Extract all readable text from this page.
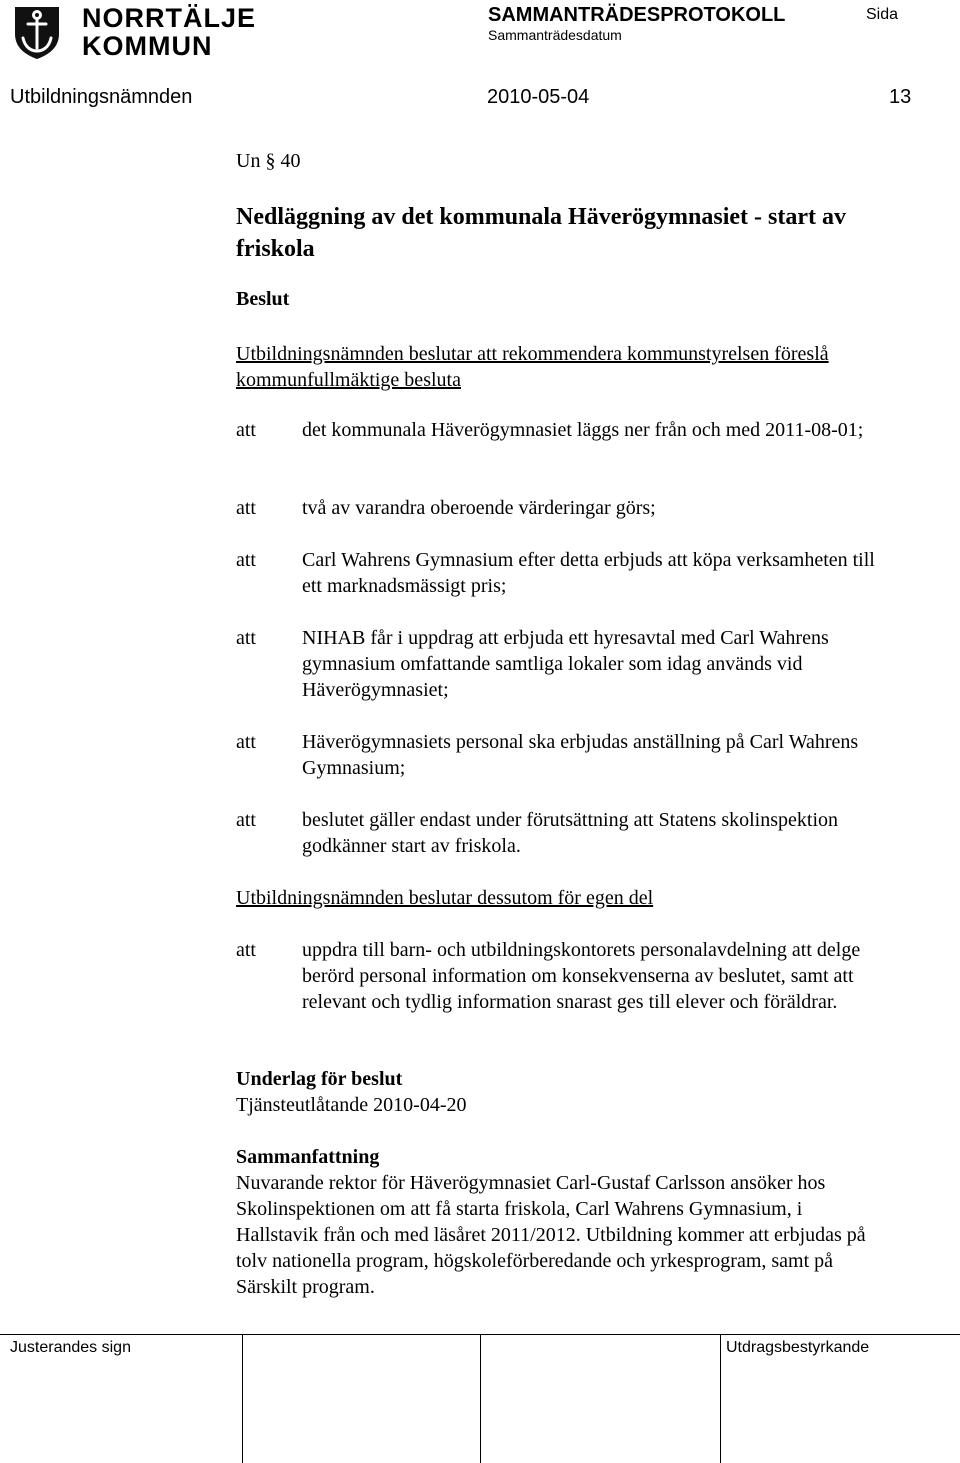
NORRTÄLJE
KOMMUN
SAMMANTRÄDESPROTOKOLL
Sammanträdesdatum
Sida
Utbildningsnämnden	2010-05-04	13
Un § 40
Nedläggning av det kommunala Häverögymnasiet - start av friskola
Beslut
Utbildningsnämnden beslutar att rekommendera kommunstyrelsen föreslå kommunfullmäktige besluta
att det kommunala Häverögymnasiet läggs ner från och med 2011-08-01;
att två av varandra oberoende värderingar görs;
att Carl Wahrens Gymnasium efter detta erbjuds att köpa verksamheten till ett marknadsmässigt pris;
att NIHAB får i uppdrag att erbjuda ett hyresavtal med Carl Wahrens gymnasium omfattande samtliga lokaler som idag används vid Häverögymnasiet;
att Häverögymnasiets personal ska erbjudas anställning på Carl Wahrens Gymnasium;
att beslutet gäller endast under förutsättning att Statens skolinspektion godkänner start av friskola.
Utbildningsnämnden beslutar dessutom för egen del
att uppdra till barn- och utbildningskontorets personalavdelning att delge berörd personal information om konsekvenserna av beslutet, samt att relevant och tydlig information snarast ges till elever och föräldrar.
Underlag för beslut
Tjänsteutlåtande 2010-04-20
Sammanfattning
Nuvarande rektor för Häverögymnasiet Carl-Gustaf Carlsson ansöker hos Skolinspektionen om att få starta friskola, Carl Wahrens Gymnasium, i Hallstavik från och med läsåret 2011/2012. Utbildning kommer att erbjudas på tolv nationella program, högskoleförberedande och yrkesprogram, samt på Särskilt program.
Justerandes sign	Utdragsbestyrkande
